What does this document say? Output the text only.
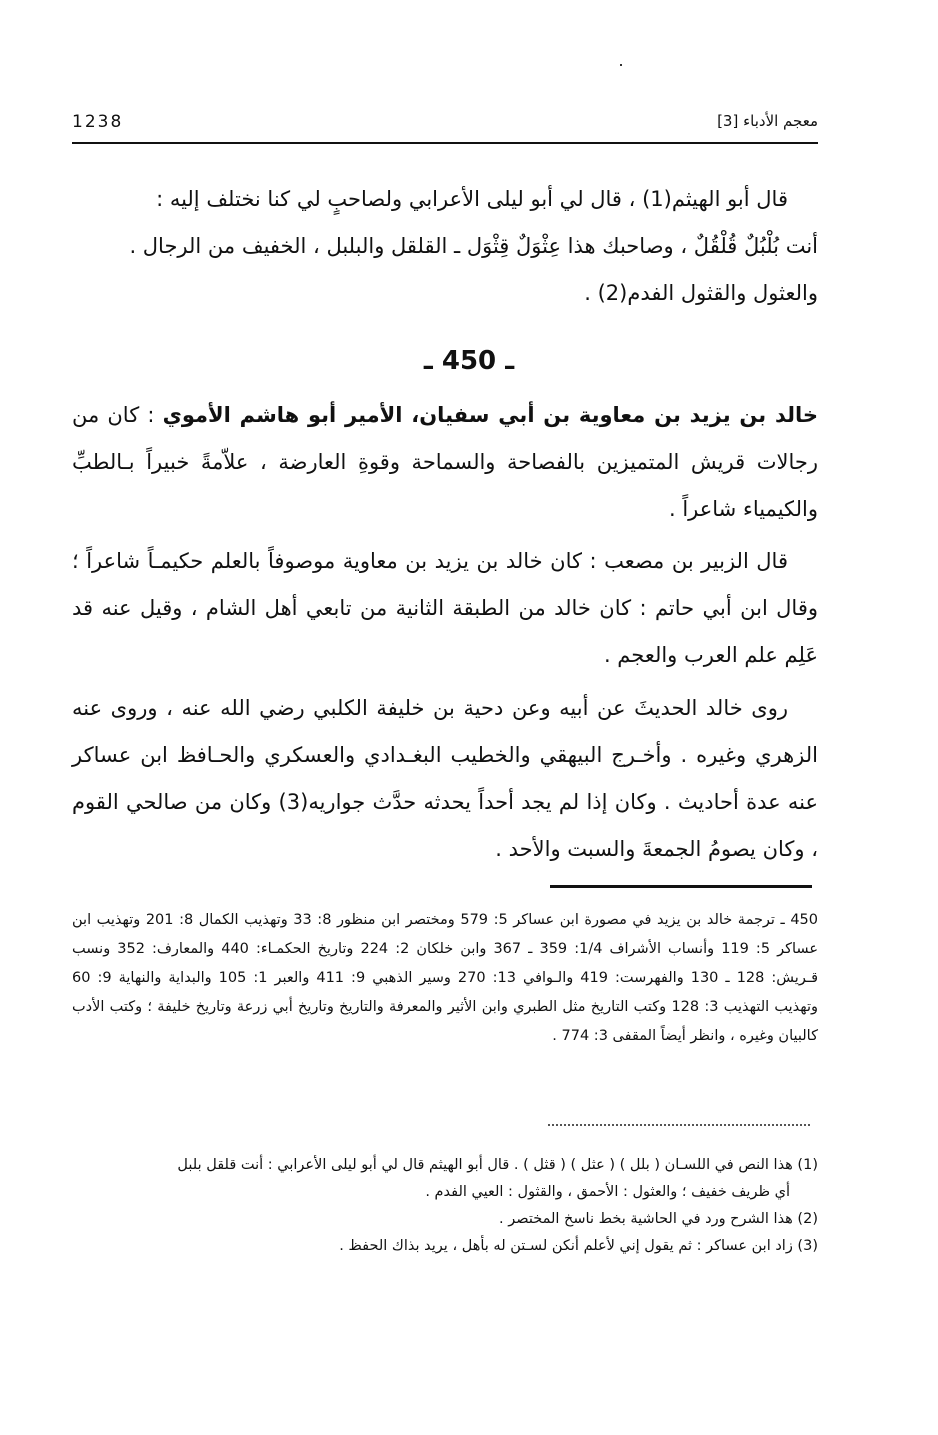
1238	معجم الأدباء [3]

قال أبو الهيثم(1) ، قال لي أبو ليلى الأعرابي ولصاحبٍ لي كنا نختلف إليه :

أنت بُلْبُلٌ قُلْقُلٌ ، وصاحبك هذا عِثْوَلٌ قِثْوَل ـ القلقل والبلبل ، الخفيف من الرجال .

والعثول والقثول الفدم(2) .

ـ 450 ـ

خالد بن يزيد بن معاوية بن أبي سفيان، الأمير أبو هاشم الأموي : كان من رجالات قريش المتميزين بالفصاحة والسماحة وقوةِ العارضة ، علاّمةً خبيراً بـالطبِّ والكيمياء شاعراً .

قال الزبير بن مصعب : كان خالد بن يزيد بن معاوية موصوفاً بالعلم حكيمـاً شاعراً ؛ وقال ابن أبي حاتم : كان خالد من الطبقة الثانية من تابعي أهل الشام ، وقيل عنه قد عَلِم علم العرب والعجم .

روى خالد الحديثَ عن أبيه وعن دحية بن خليفة الكلبي رضي الله عنه ، وروى عنه الزهري وغيره . وأخـرج البيهقي والخطيب البغـدادي والعسكري والحـافظ ابن عساكر عنه عدة أحاديث . وكان إذا لم يجد أحداً يحدثه حدَّث جواريه(3) وكان من صالحي القوم ، وكان يصومُ الجمعةَ والسبت والأحد .

450 ـ ترجمة خالد بن يزيد في مصورة ابن عساكر 5: 579 ومختصر ابن منظور 8: 33 وتهذيب الكمال 8: 201 وتهذيب ابن عساكر 5: 119 وأنساب الأشراف 1/4: 359 ـ 367 وابن خلكان 2: 224 وتاريخ الحكمـاء: 440 والمعارف: 352 ونسب قـريش: 128 ـ 130 والفهرست: 419 والـوافي 13: 270 وسير الذهبي 9: 411 والعبر 1: 105 والبداية والنهاية 9: 60 وتهذيب التهذيب 3: 128 وكتب التاريخ مثل الطبري وابن الأثير والمعرفة والتاريخ وتاريخ أبي زرعة وتاريخ خليفة ؛ وكتب الأدب كالبيان وغيره ، وانظر أيضاً المقفى 3: 774 .

(1) هذا النص في اللسـان ( بلل ) ( عثل ) ( قثل ) . قال أبو الهيثم قال لي أبو ليلى الأعرابي : أنت قلقل بلبل

أي ظريف خفيف ؛ والعثول : الأحمق ، والقثول : العيي الفدم .

(2) هذا الشرح ورد في الحاشية بخط ناسخ المختصر .

(3) زاد ابن عساكر : ثم يقول إني لأعلم أنكن لسـتن له بأهل ، يريد بذاك الحفظ .
